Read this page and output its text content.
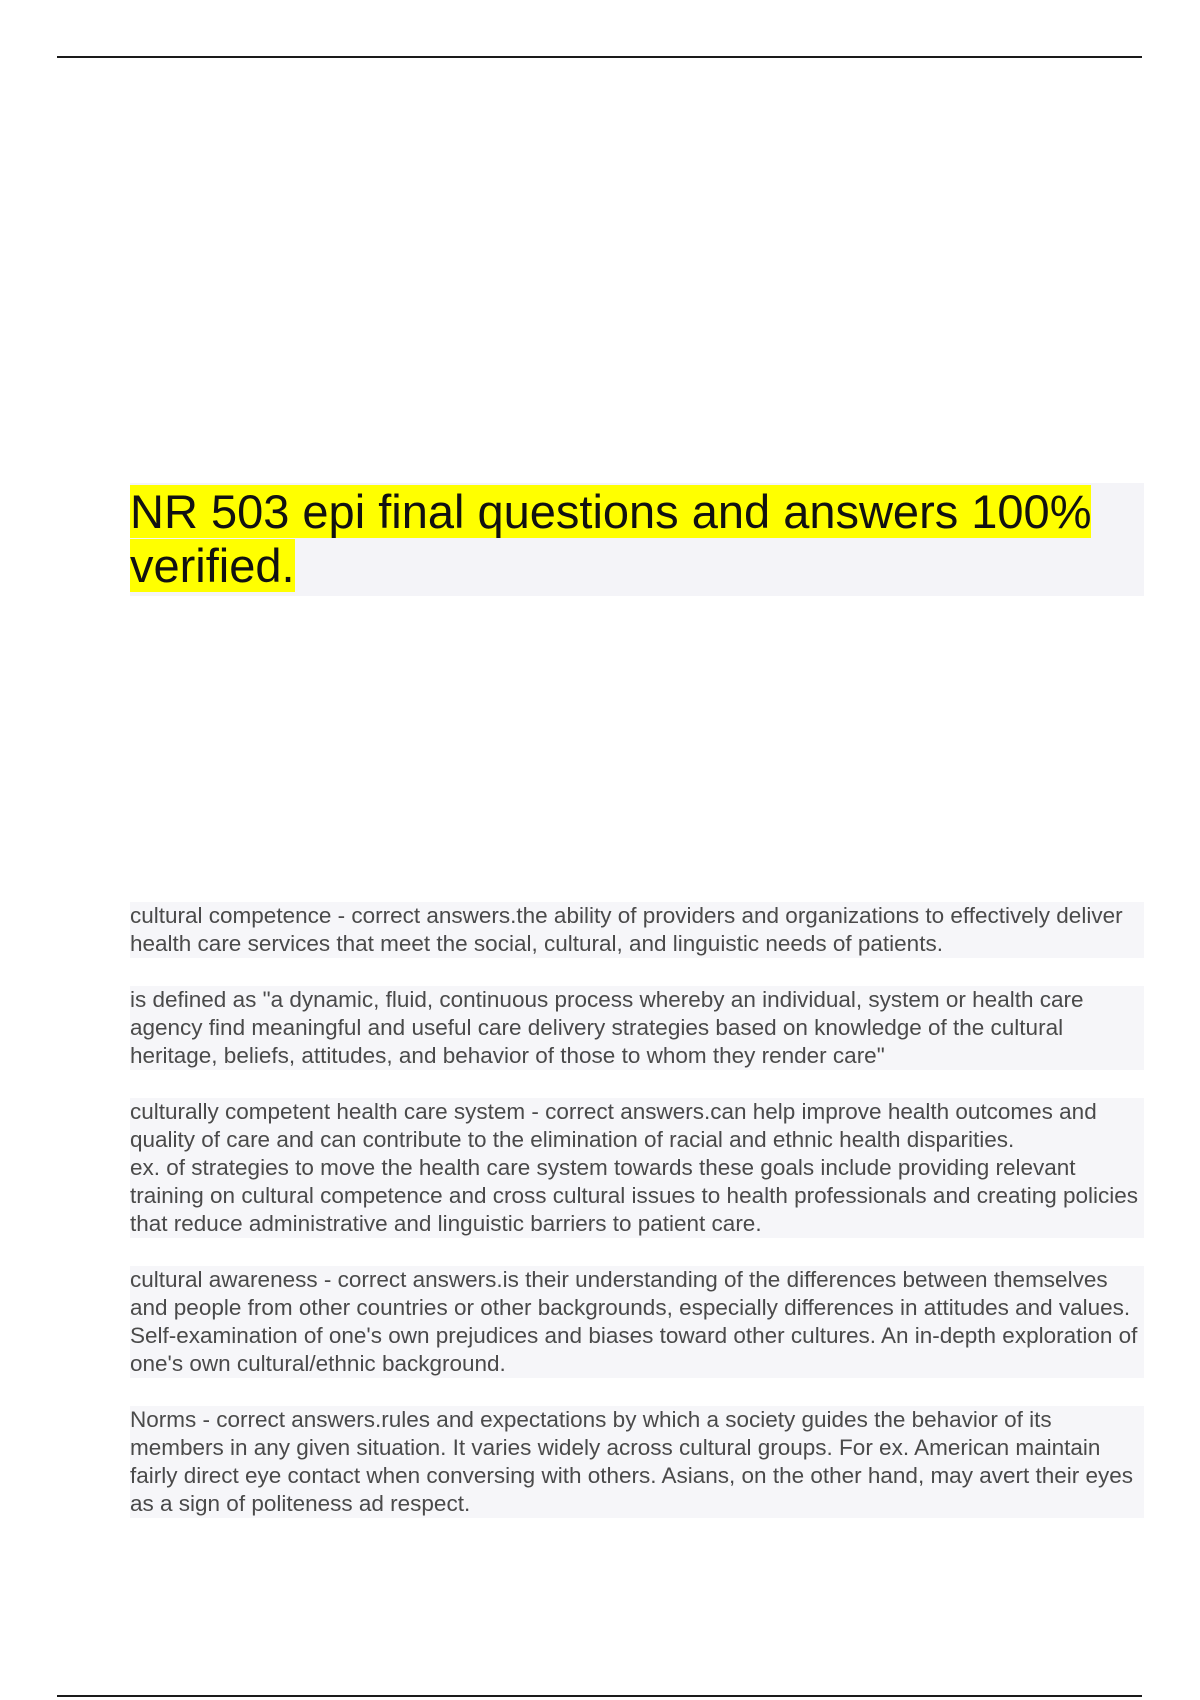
NR 503 epi final questions and answers 100% verified.

cultural competence - correct answers.the ability of providers and organizations to effectively deliver health care services that meet the social, cultural, and linguistic needs of patients.

is defined as "a dynamic, fluid, continuous process whereby an individual, system or health care agency find meaningful and useful care delivery strategies based on knowledge of the cultural heritage, beliefs, attitudes, and behavior of those to whom they render care"

culturally competent health care system - correct answers.can help improve health outcomes and quality of care and can contribute to the elimination of racial and ethnic health disparities.
ex. of strategies to move the health care system towards these goals include providing relevant training on cultural competence and cross cultural issues to health professionals and creating policies that reduce administrative and linguistic barriers to patient care.

cultural awareness - correct answers.is their understanding of the differences between themselves and people from other countries or other backgrounds, especially differences in attitudes and values.
Self-examination of one's own prejudices and biases toward other cultures. An in-depth exploration of one's own cultural/ethnic background.

Norms - correct answers.rules and expectations by which a society guides the behavior of its members in any given situation. It varies widely across cultural groups. For ex. American maintain fairly direct eye contact when conversing with others. Asians, on the other hand, may avert their eyes as a sign of politeness ad respect.
